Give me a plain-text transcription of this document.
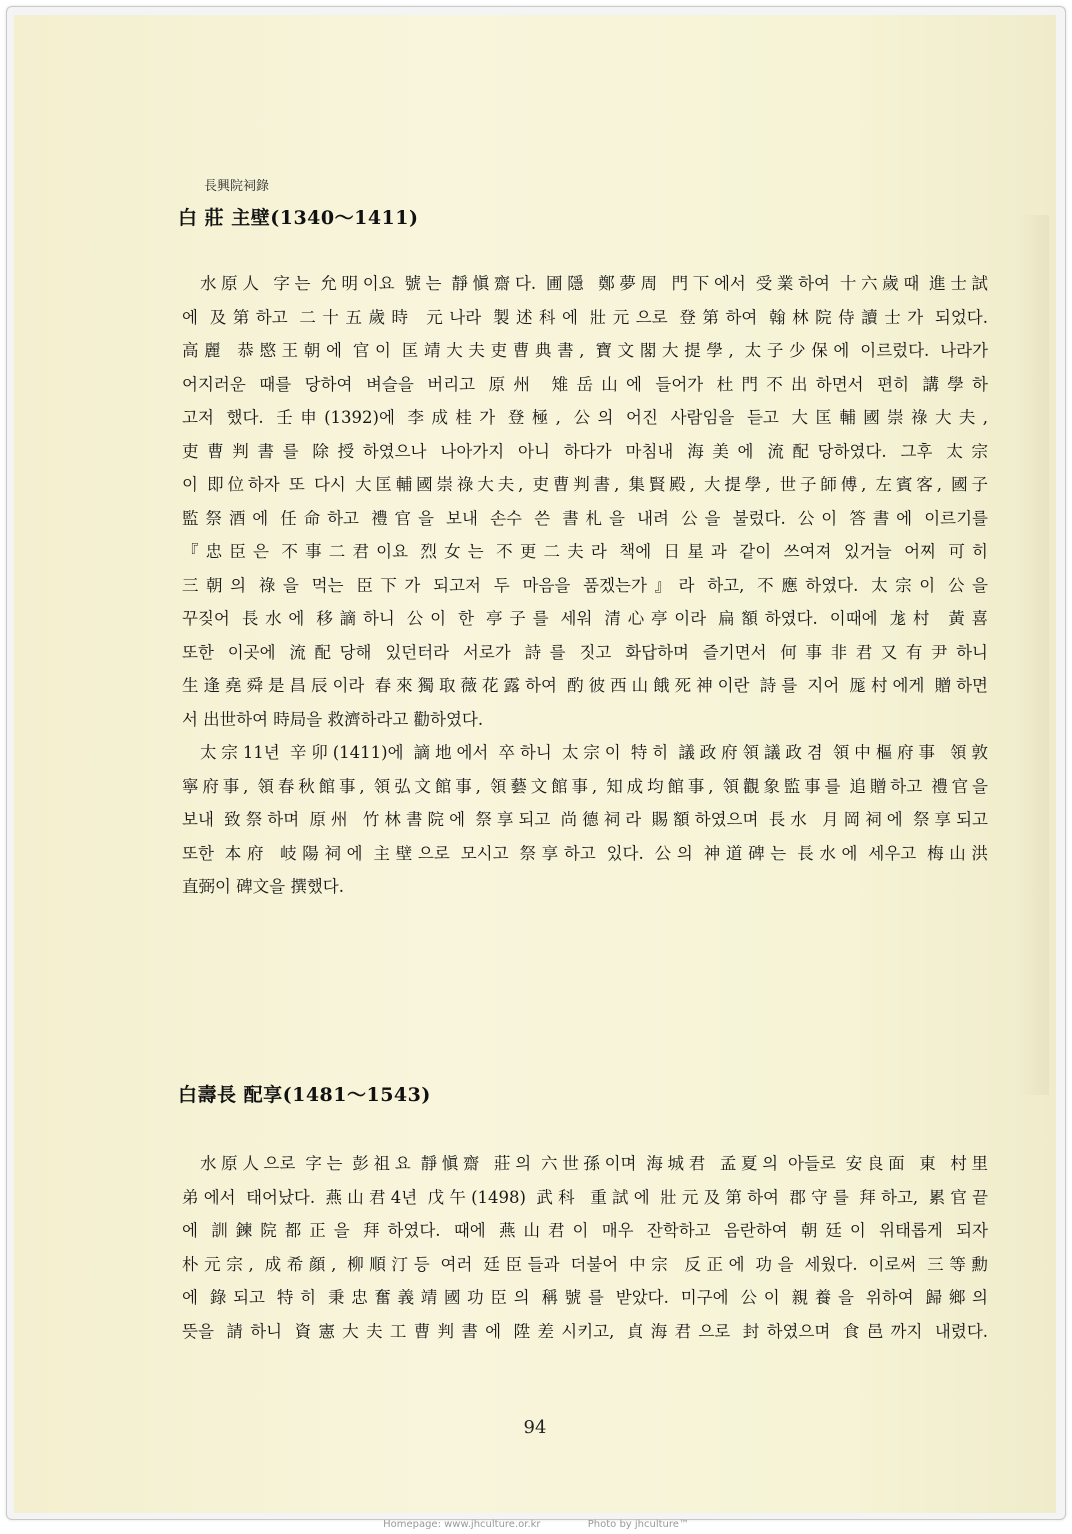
長興院祠錄
白 莊 主壁(1340～1411)
水原人 字는 允明이요 號는 靜愼齋다. 圃隱 鄭夢周 門下에서 受業하여 十六歲때 進士試
에 及第하고 二十五歲時 元나라 製述科에 壯元으로 登第하여 翰林院侍讀士가 되었다.
高麗 恭愍王朝에 官이 匡靖大夫吏曹典書, 寶文閣大提學, 太子少保에 이르렀다. 나라가
어지러운 때를 당하여 벼슬을 버리고 原州 雉岳山에 들어가 杜門不出하면서 편히 講學하
고저 했다. 壬申(1392)에 李成桂가 登極, 公의 어진 사람임을 듣고 大匡輔國崇祿大夫,
吏曹判書를 除授하였으나 나아가지 아니 하다가 마침내 海美에 流配당하였다. 그후 太宗
이 即位하자 또 다시 大匡輔國崇祿大夫, 吏曹判書, 集賢殿, 大提學, 世子師傅, 左賓客, 國子
監祭酒에 任命하고 禮官을 보내 손수 쓴 書札을 내려 公을 불렀다. 公이 答書에 이르기를
『忠臣은 不事二君이요 烈女는 不更二夫라 책에 日星과 같이 쓰여져 있거늘 어찌 可히
三朝의 祿을 먹는 臣下가 되고저 두 마음을 품겠는가』라 하고, 不應하였다. 太宗이 公을
꾸짖어 長水에 移謫하니 公이 한 亭子를 세워 清心亭이라 扁額하였다. 이때에 尨村 黃喜
또한 이곳에 流配당해 있던터라 서로가 詩를 짓고 화답하며 즐기면서 何事非君又有尹하니
生逢堯舜是昌辰이라 春來獨取薇花露하여 酌彼西山餓死神이란 詩를 지어 厖村에게 贈하면
서 出世하여 時局을 救濟하라고 勸하였다.
太宗11년 辛卯(1411)에 謫地에서 卒하니 太宗이 特히 議政府領議政겸 領中樞府事 領敦
寧府事, 領春秋館事, 領弘文館事, 領藝文館事, 知成均館事, 領觀象監事를 追贈하고 禮官을
보내 致祭하며 原州 竹林書院에 祭享되고 尚德祠라 賜額하였으며 長水 月岡祠에 祭享되고
또한 本府 岐陽祠에 主壁으로 모시고 祭享하고 있다. 公의 神道碑는 長水에 세우고 梅山洪
直弼이 碑文을 撰했다.
白壽長 配享(1481～1543)
水原人으로 字는 彭祖요 靜愼齋 莊의 六世孫이며 海城君 孟夏의 아들로 安良面 東 村里
弟에서 태어났다. 燕山君4년 戊午(1498) 武科 重試에 壯元及第하여 郡守를 拜하고, 累官끝
에 訓鍊院都正을 拜하였다. 때에 燕山君이 매우 잔학하고 음란하여 朝廷이 위태롭게 되자
朴元宗, 成希顔, 柳順汀등 여러 廷臣들과 더불어 中宗 反正에 功을 세웠다. 이로써 三等勳
에 錄되고 特히 秉忠奮義靖國功臣의 稱號를 받았다. 미구에 公이 親養을 위하여 歸鄉의
뜻을 請하니 資憲大夫工曹判書에 陞差시키고, 貞海君으로 封하였으며 食邑까지 내렸다.
94
Homepage: www.jhculture.or.kr	Photo by jhculture™
